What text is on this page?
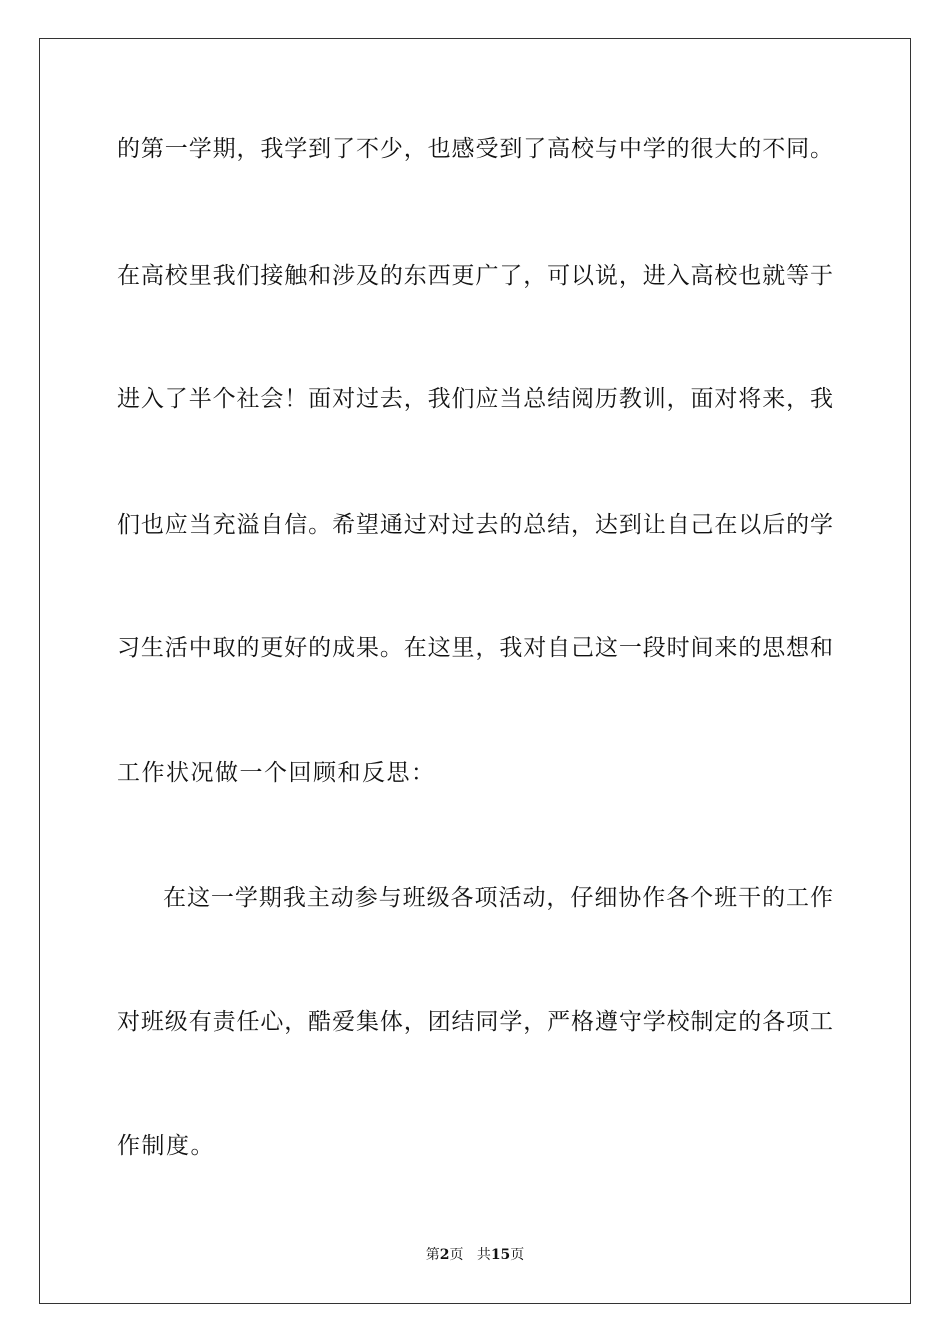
的第一学期，我学到了不少，也感受到了高校与中学的很大的不同。
在高校里我们接触和涉及的东西更广了，可以说，进入高校也就等于
进入了半个社会！面对过去，我们应当总结阅历教训，面对将来，我
们也应当充溢自信。希望通过对过去的总结，达到让自己在以后的学
习生活中取的更好的成果。在这里，我对自己这一段时间来的思想和
工作状况做一个回顾和反思：
在这一学期我主动参与班级各项活动，仔细协作各个班干的工作
对班级有责任心，酷爱集体，团结同学，严格遵守学校制定的各项工
作制度。
第2页 共15页
